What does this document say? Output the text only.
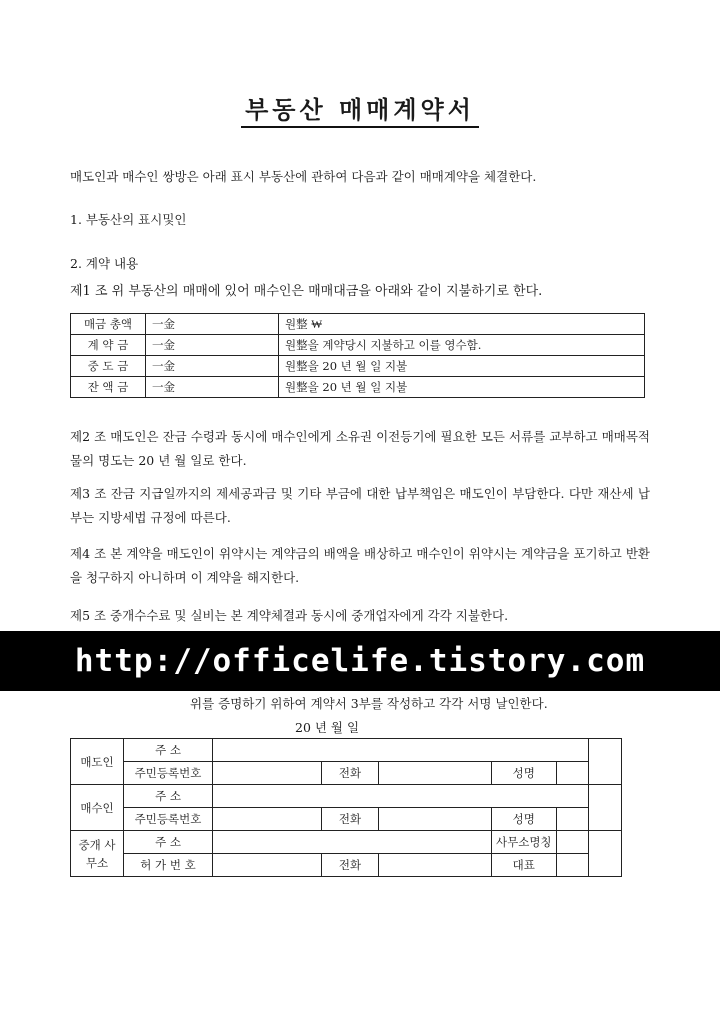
부동산 매매계약서
매도인과 매수인 쌍방은 아래 표시 부동산에 관하여 다음과 같이 매매계약을 체결한다.
1. 부동산의 표시및인
2. 계약 내용
제1 조 위 부동산의 매매에 있어 매수인은 매매대금을 아래와 같이 지불하기로 한다.
매금 총액	一金	원整 ₩
계 약 금	一金	원整을 계약당시 지불하고 이를 영수함.
중 도 금	一金	원整을 20 년 월 일 지불
잔 액 금	一金	원整을 20 년 월 일 지불
제2 조 매도인은 잔금 수령과 동시에 매수인에게 소유권 이전등기에 필요한 모든 서류를 교부하고 매매목적물의 명도는 20 년 월 일로 한다.
제3 조 잔금 지급일까지의 제세공과금 및 기타 부금에 대한 납부책임은 매도인이 부담한다. 다만 재산세 납부는 지방세법 규정에 따른다.
제4 조 본 계약을 매도인이 위약시는 계약금의 배액을 배상하고 매수인이 위약시는 계약금을 포기하고 반환을 청구하지 아니하며 이 계약을 해지한다.
제5 조 중개수수료 및 실비는 본 계약체결과 동시에 중개업자에게 각각 지불한다.
http://officelife.tistory.com
위를 증명하기 위하여 계약서 3부를 작성하고 각각 서명 날인한다.
20 년 월 일
매도인	주 소						
	주민등록번호		전화		성명		
매수인	주 소						
	주민등록번호		전화		성명		
중개 사무소	주 소				사무소명칭		
	허 가 번 호		전화		대표		
